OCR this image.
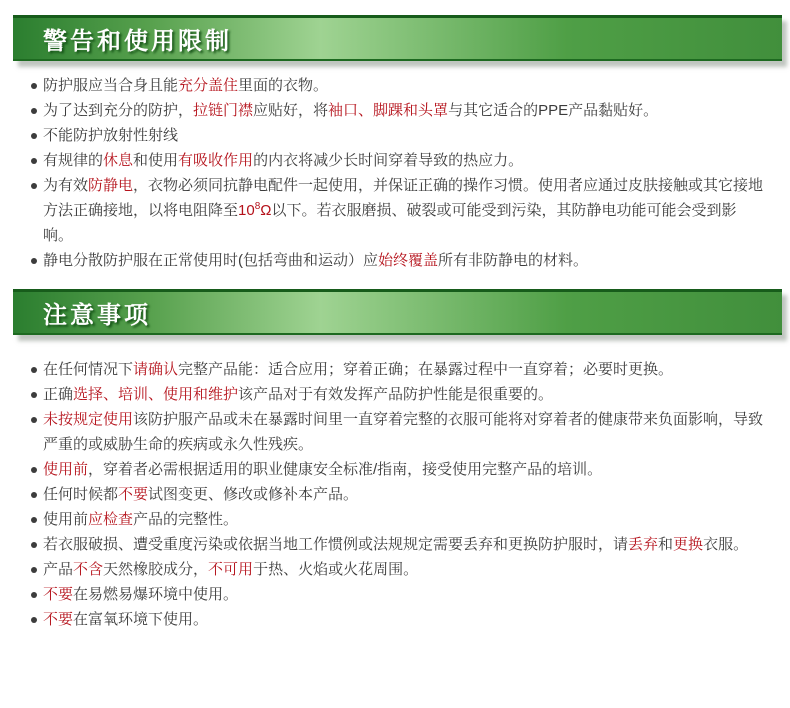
警告和使用限制
防护服应当合身且能充分盖住里面的衣物。
为了达到充分的防护，拉链门襟应贴好，将袖口、脚踝和头罩与其它适合的PPE产品黏贴好。
不能防护放射性射线
有规律的休息和使用有吸收作用的内衣将减少长时间穿着导致的热应力。
为有效防静电，衣物必须同抗静电配件一起使用，并保证正确的操作习惯。使用者应通过皮肤接触或其它接地方法正确接地，以将电阻降至$10^8\Omega$以下。若衣服磨损、破裂或可能受到污染，其防静电功能可能会受到影响。
静电分散防护服在正常使用时(包括弯曲和运动）应始终覆盖所有非防静电的材料。
注意事项
在任何情况下请确认完整产品能：适合应用；穿着正确；在暴露过程中一直穿着；必要时更换。
正确选择、培训、使用和维护该产品对于有效发挥产品防护性能是很重要的。
未按规定使用该防护服产品或未在暴露时间里一直穿着完整的衣服可能将对穿着者的健康带来负面影响，导致严重的或威胁生命的疾病或永久性残疾。
使用前，穿着者必需根据适用的职业健康安全标准/指南，接受使用完整产品的培训。
任何时候都不要试图变更、修改或修补本产品。
使用前应检查产品的完整性。
若衣服破损、遭受重度污染或依据当地工作惯例或法规规定需要丢弃和更换防护服时，请丢弃和更换衣服。
产品不含天然橡胶成分，不可用于热、火焰或火花周围。
不要在易燃易爆环境中使用。
不要在富氧环境下使用。
